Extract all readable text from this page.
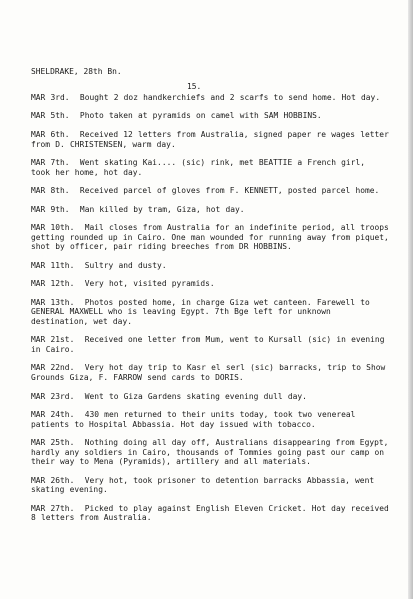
SHELDRAKE, 28th Bn.
15.
MAR 3rd. Bought 2 doz handkerchiefs and 2 scarfs to send home. Hot day.
MAR 5th. Photo taken at pyramids on camel with SAM HOBBINS.
MAR 6th. Received 12 letters from Australia, signed paper re wages letter from D. CHRISTENSEN, warm day.
MAR 7th. Went skating Kai.... (sic) rink, met BEATTIE a French girl, took her home, hot day.
MAR 8th. Received parcel of gloves from F. KENNETT, posted parcel home.
MAR 9th. Man killed by tram, Giza, hot day.
MAR 10th. Mail closes from Australia for an indefinite period, all troops getting rounded up in Cairo. One man wounded for running away from piquet, shot by officer, pair riding breeches from DR HOBBINS.
MAR 11th. Sultry and dusty.
MAR 12th. Very hot, visited pyramids.
MAR 13th. Photos posted home, in charge Giza wet canteen. Farewell to GENERAL MAXWELL who is leaving Egypt. 7th Bge left for unknown destination, wet day.
MAR 21st. Received one letter from Mum, went to Kursall (sic) in evening in Cairo.
MAR 22nd. Very hot day trip to Kasr el serl (sic) barracks, trip to Show Grounds Giza, F. FARROW send cards to DORIS.
MAR 23rd. Went to Giza Gardens skating evening dull day.
MAR 24th. 430 men returned to their units today, took two venereal patients to Hospital Abbassia. Hot day issued with tobacco.
MAR 25th. Nothing doing all day off, Australians disappearing from Egypt, hardly any soldiers in Cairo, thousands of Tommies going past our camp on their way to Mena (Pyramids), artillery and all materials.
MAR 26th. Very hot, took prisoner to detention barracks Abbassia, went skating evening.
MAR 27th. Picked to play against English Eleven Cricket. Hot day received 8 letters from Australia.
